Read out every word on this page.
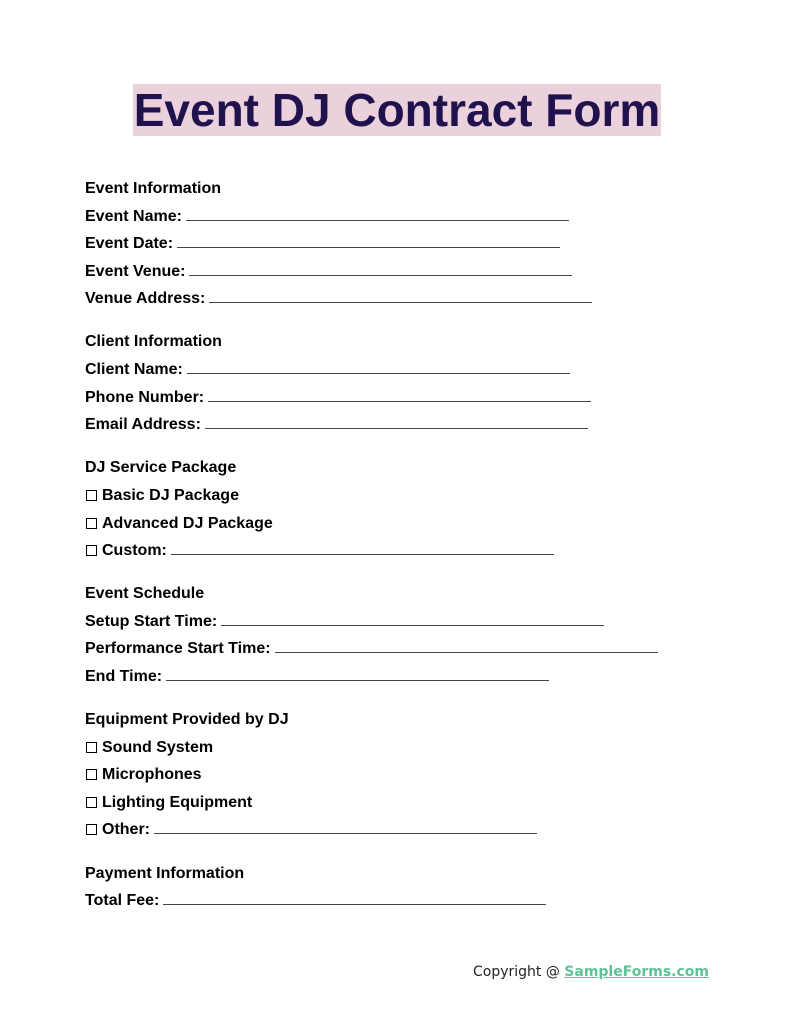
Event DJ Contract Form
Event Information
Event Name:
Event Date:
Event Venue:
Venue Address:
Client Information
Client Name:
Phone Number:
Email Address:
DJ Service Package
Basic DJ Package
Advanced DJ Package
Custom:
Event Schedule
Setup Start Time:
Performance Start Time:
End Time:
Equipment Provided by DJ
Sound System
Microphones
Lighting Equipment
Other:
Payment Information
Total Fee:
Copyright @ SampleForms.com
